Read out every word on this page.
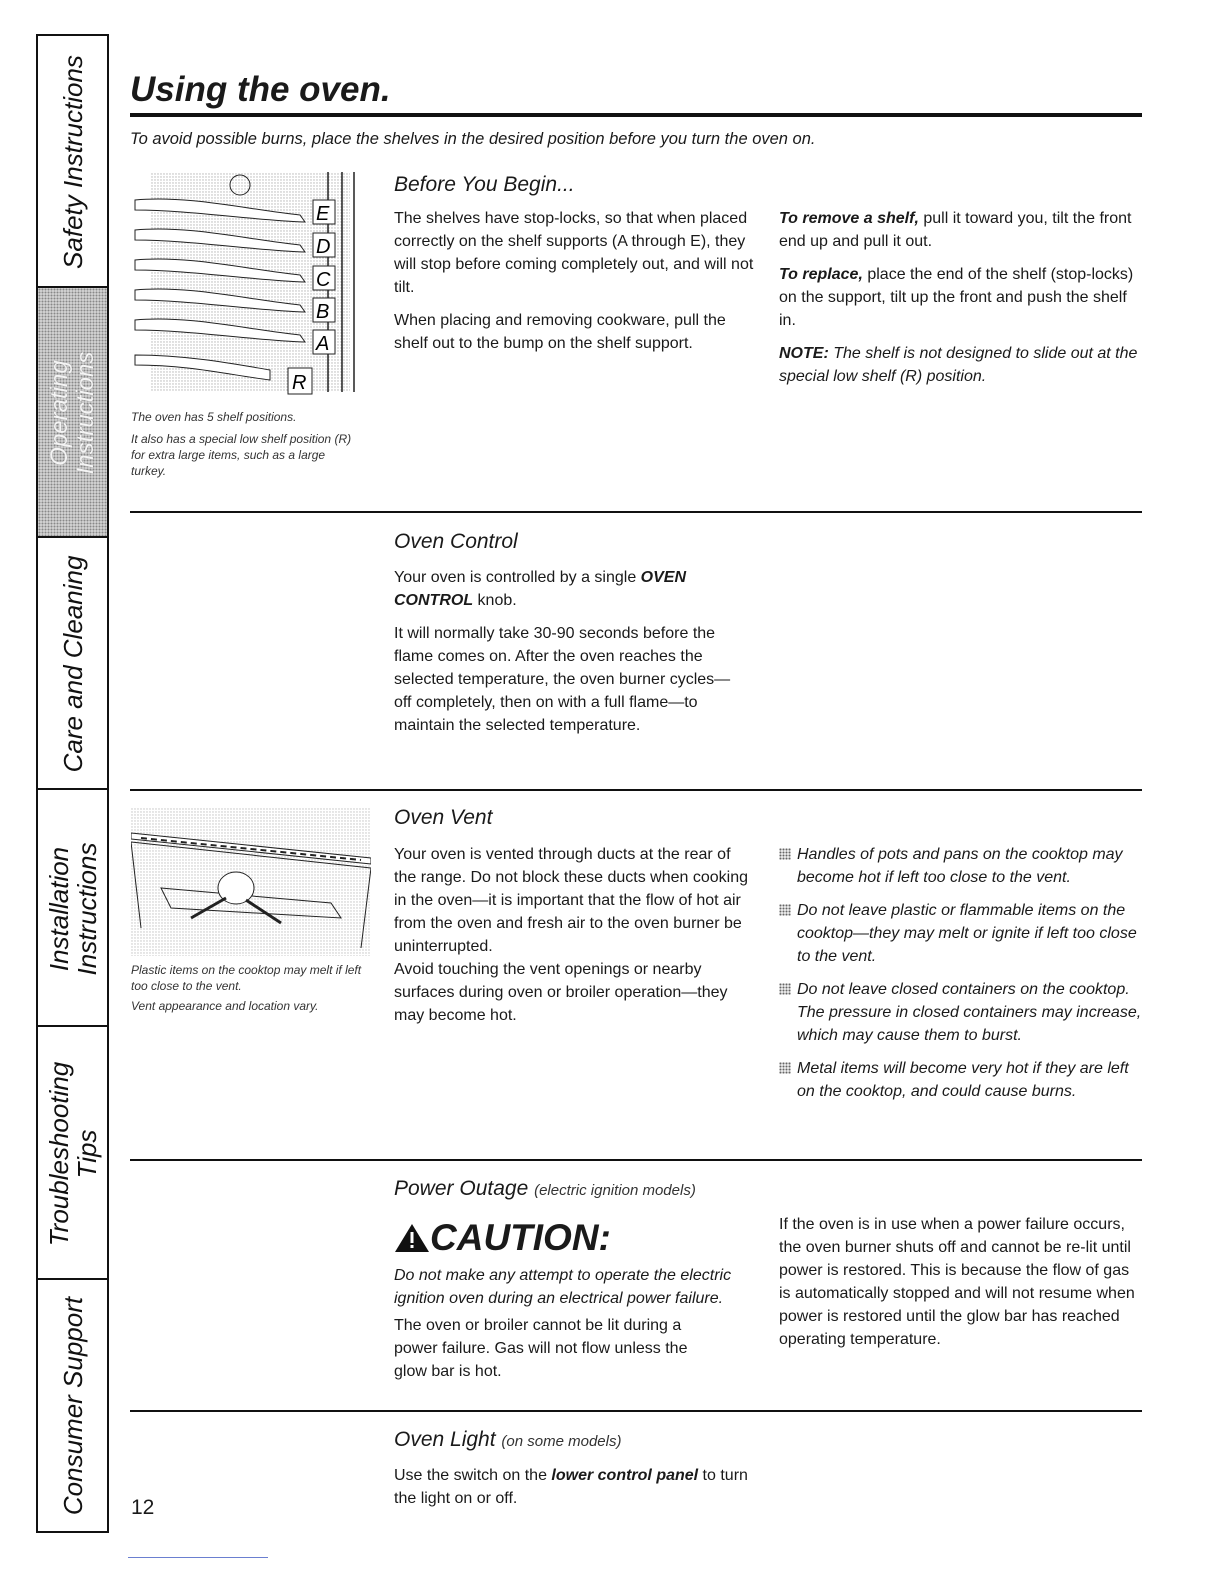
Safety Instructions
Operating Instructions
Care and Cleaning
Installation Instructions
Troubleshooting Tips
Consumer Support
Using the oven.
To avoid possible burns, place the shelves in the desired position before you turn the oven on.
E
D
C
B
A
R
The oven has 5 shelf positions.
It also has a special low shelf position (R) for extra large items, such as a large turkey.
Before You Begin...

The shelves have stop-locks, so that when placed correctly on the shelf supports (A through E), they will stop before coming completely out, and will not tilt.

When placing and removing cookware, pull the shelf out to the bump on the shelf support.

To remove a shelf, pull it toward you, tilt the front end up and pull it out.

To replace, place the end of the shelf (stop-locks) on the support, tilt up the front and push the shelf in.

NOTE: The shelf is not designed to slide out at the special low shelf (R) position.

Oven Control

Your oven is controlled by a single OVEN CONTROL knob.

It will normally take 30-90 seconds before the flame comes on. After the oven reaches the selected temperature, the oven burner cycles—off completely, then on with a full flame—to maintain the selected temperature.

Plastic items on the cooktop may melt if left too close to the vent.
Vent appearance and location vary.
Oven Vent

Your oven is vented through ducts at the rear of the range. Do not block these ducts when cooking in the oven—it is important that the flow of hot air from the oven and fresh air to the oven burner be uninterrupted.

Avoid touching the vent openings or nearby surfaces during oven or broiler operation—they may become hot.

Handles of pots and pans on the cooktop may become hot if left too close to the vent.
Do not leave plastic or flammable items on the cooktop—they may melt or ignite if left too close to the vent.
Do not leave closed containers on the cooktop. The pressure in closed containers may increase, which may cause them to burst.
Metal items will become very hot if they are left on the cooktop, and could cause burns.
Power Outage (electric ignition models)
CAUTION:
Do not make any attempt to operate the electric ignition oven during an electrical power failure.
The oven or broiler cannot be lit during a power failure. Gas will not flow unless the glow bar is hot.
If the oven is in use when a power failure occurs, the oven burner shuts off and cannot be re-lit until power is restored. This is because the flow of gas is automatically stopped and will not resume when power is restored until the glow bar has reached operating temperature.
Oven Light (on some models)
Use the switch on the lower control panel to turn the light on or off.
12
